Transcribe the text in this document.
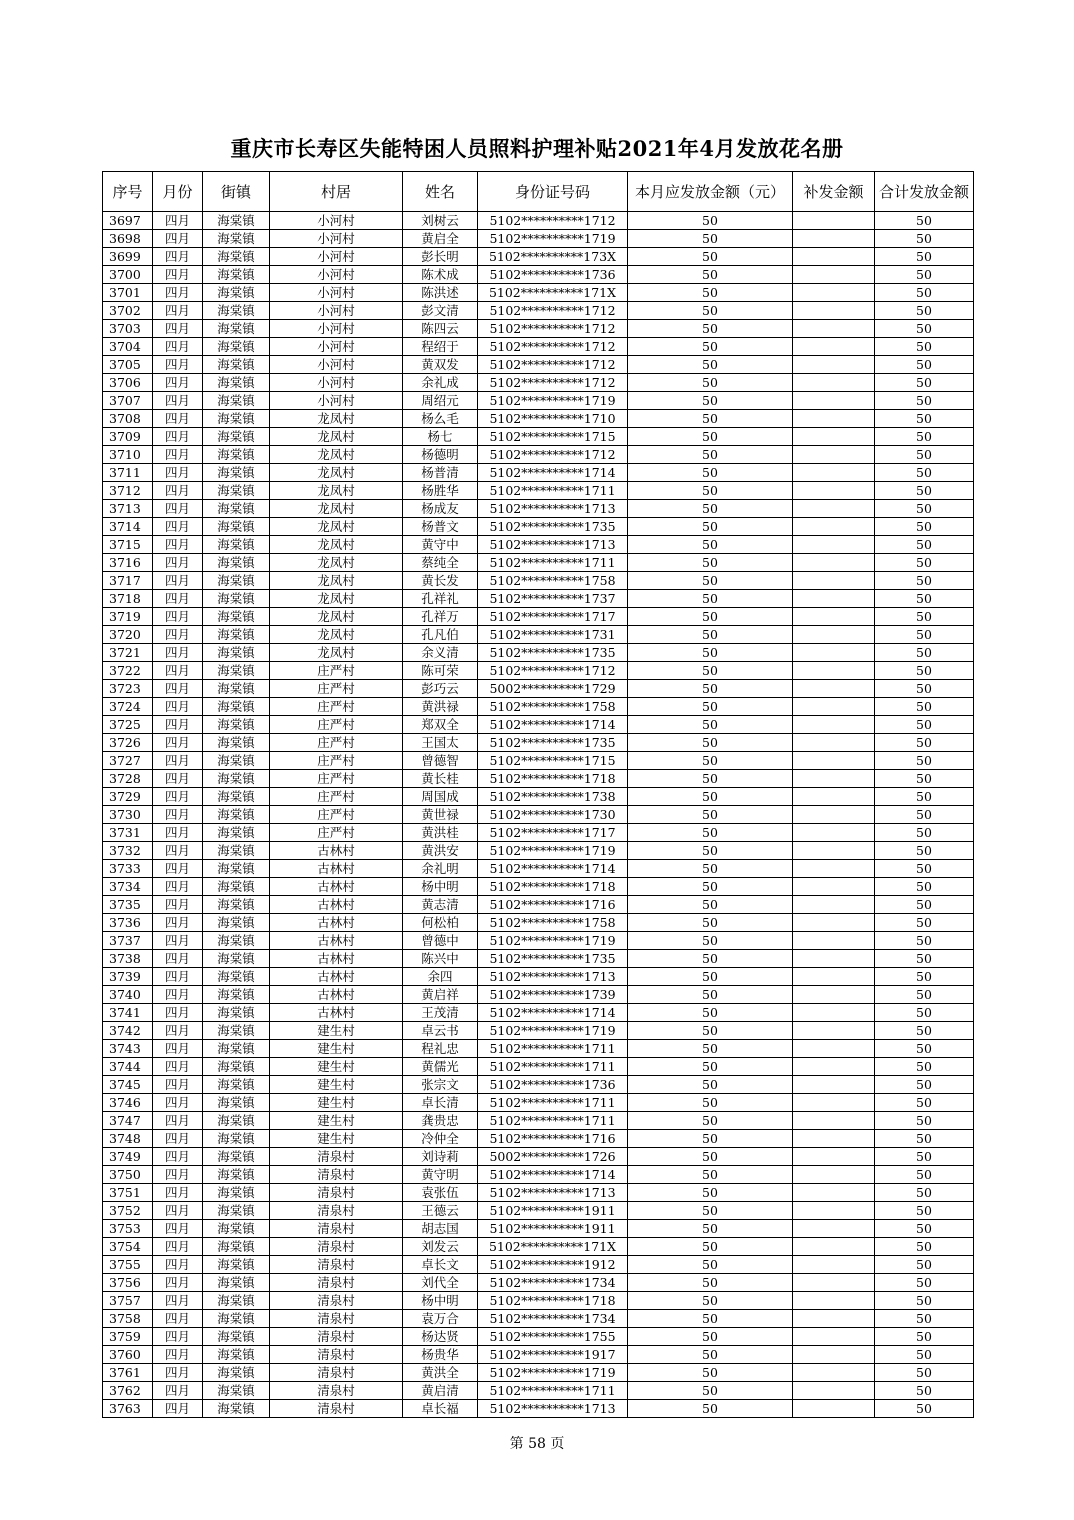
重庆市长寿区失能特困人员照料护理补贴2021年4月发放花名册
序号	月份	街镇	村居	姓名	身份证号码	本月应发放金额（元）	补发金额	合计发放金额
3697	四月	海棠镇	小河村	刘树云	5102**********1712	50		50
3698	四月	海棠镇	小河村	黄启全	5102**********1719	50		50
3699	四月	海棠镇	小河村	彭长明	5102**********173X	50		50
3700	四月	海棠镇	小河村	陈术成	5102**********1736	50		50
3701	四月	海棠镇	小河村	陈洪述	5102**********171X	50		50
3702	四月	海棠镇	小河村	彭文清	5102**********1712	50		50
3703	四月	海棠镇	小河村	陈四云	5102**********1712	50		50
3704	四月	海棠镇	小河村	程绍于	5102**********1712	50		50
3705	四月	海棠镇	小河村	黄双发	5102**********1712	50		50
3706	四月	海棠镇	小河村	余礼成	5102**********1712	50		50
3707	四月	海棠镇	小河村	周绍元	5102**********1719	50		50
3708	四月	海棠镇	龙凤村	杨么毛	5102**********1710	50		50
3709	四月	海棠镇	龙凤村	杨七	5102**********1715	50		50
3710	四月	海棠镇	龙凤村	杨德明	5102**********1712	50		50
3711	四月	海棠镇	龙凤村	杨普清	5102**********1714	50		50
3712	四月	海棠镇	龙凤村	杨胜华	5102**********1711	50		50
3713	四月	海棠镇	龙凤村	杨成友	5102**********1713	50		50
3714	四月	海棠镇	龙凤村	杨普文	5102**********1735	50		50
3715	四月	海棠镇	龙凤村	黄守中	5102**********1713	50		50
3716	四月	海棠镇	龙凤村	蔡纯全	5102**********1711	50		50
3717	四月	海棠镇	龙凤村	黄长发	5102**********1758	50		50
3718	四月	海棠镇	龙凤村	孔祥礼	5102**********1737	50		50
3719	四月	海棠镇	龙凤村	孔祥万	5102**********1717	50		50
3720	四月	海棠镇	龙凤村	孔凡伯	5102**********1731	50		50
3721	四月	海棠镇	龙凤村	余义清	5102**********1735	50		50
3722	四月	海棠镇	庄严村	陈可荣	5102**********1712	50		50
3723	四月	海棠镇	庄严村	彭巧云	5002**********1729	50		50
3724	四月	海棠镇	庄严村	黄洪禄	5102**********1758	50		50
3725	四月	海棠镇	庄严村	郑双全	5102**********1714	50		50
3726	四月	海棠镇	庄严村	王国太	5102**********1735	50		50
3727	四月	海棠镇	庄严村	曾德智	5102**********1715	50		50
3728	四月	海棠镇	庄严村	黄长桂	5102**********1718	50		50
3729	四月	海棠镇	庄严村	周国成	5102**********1738	50		50
3730	四月	海棠镇	庄严村	黄世禄	5102**********1730	50		50
3731	四月	海棠镇	庄严村	黄洪桂	5102**********1717	50		50
3732	四月	海棠镇	古林村	黄洪安	5102**********1719	50		50
3733	四月	海棠镇	古林村	余礼明	5102**********1714	50		50
3734	四月	海棠镇	古林村	杨中明	5102**********1718	50		50
3735	四月	海棠镇	古林村	黄志清	5102**********1716	50		50
3736	四月	海棠镇	古林村	何松柏	5102**********1758	50		50
3737	四月	海棠镇	古林村	曾德中	5102**********1719	50		50
3738	四月	海棠镇	古林村	陈兴中	5102**********1735	50		50
3739	四月	海棠镇	古林村	余四	5102**********1713	50		50
3740	四月	海棠镇	古林村	黄启祥	5102**********1739	50		50
3741	四月	海棠镇	古林村	王茂清	5102**********1714	50		50
3742	四月	海棠镇	建生村	卓云书	5102**********1719	50		50
3743	四月	海棠镇	建生村	程礼忠	5102**********1711	50		50
3744	四月	海棠镇	建生村	黄儒光	5102**********1711	50		50
3745	四月	海棠镇	建生村	张宗文	5102**********1736	50		50
3746	四月	海棠镇	建生村	卓长清	5102**********1711	50		50
3747	四月	海棠镇	建生村	龚贵忠	5102**********1711	50		50
3748	四月	海棠镇	建生村	冷仲全	5102**********1716	50		50
3749	四月	海棠镇	清泉村	刘诗莉	5002**********1726	50		50
3750	四月	海棠镇	清泉村	黄守明	5102**********1714	50		50
3751	四月	海棠镇	清泉村	袁张伍	5102**********1713	50		50
3752	四月	海棠镇	清泉村	王德云	5102**********1911	50		50
3753	四月	海棠镇	清泉村	胡志国	5102**********1911	50		50
3754	四月	海棠镇	清泉村	刘发云	5102**********171X	50		50
3755	四月	海棠镇	清泉村	卓长文	5102**********1912	50		50
3756	四月	海棠镇	清泉村	刘代全	5102**********1734	50		50
3757	四月	海棠镇	清泉村	杨中明	5102**********1718	50		50
3758	四月	海棠镇	清泉村	袁万合	5102**********1734	50		50
3759	四月	海棠镇	清泉村	杨达贤	5102**********1755	50		50
3760	四月	海棠镇	清泉村	杨贵华	5102**********1917	50		50
3761	四月	海棠镇	清泉村	黄洪全	5102**********1719	50		50
3762	四月	海棠镇	清泉村	黄启清	5102**********1711	50		50
3763	四月	海棠镇	清泉村	卓长福	5102**********1713	50		50
第 58 页
